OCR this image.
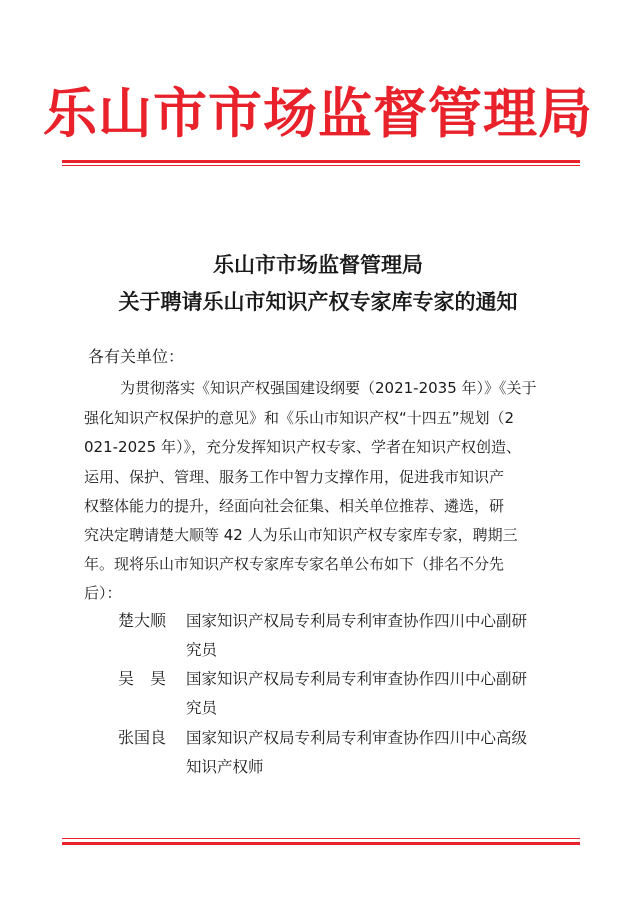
乐山市市场监督管理局
乐山市市场监督管理局
关于聘请乐山市知识产权专家库专家的通知
各有关单位：
为贯彻落实《知识产权强国建设纲要（2021-2035 年）》《关于
强化知识产权保护的意见》和《乐山市知识产权“十四五”规划（2
021-2025 年）》，充分发挥知识产权专家、学者在知识产权创造、
运用、保护、管理、服务工作中智力支撑作用，促进我市知识产
权整体能力的提升，经面向社会征集、相关单位推荐、遴选，研
究决定聘请楚大顺等 42 人为乐山市知识产权专家库专家，聘期三
年。现将乐山市知识产权专家库专家名单公布如下（排名不分先
后）：
楚大顺 国家知识产权局专利局专利审查协作四川中心副研
究员
吴　昊 国家知识产权局专利局专利审查协作四川中心副研
究员
张国良 国家知识产权局专利局专利审查协作四川中心高级
知识产权师
